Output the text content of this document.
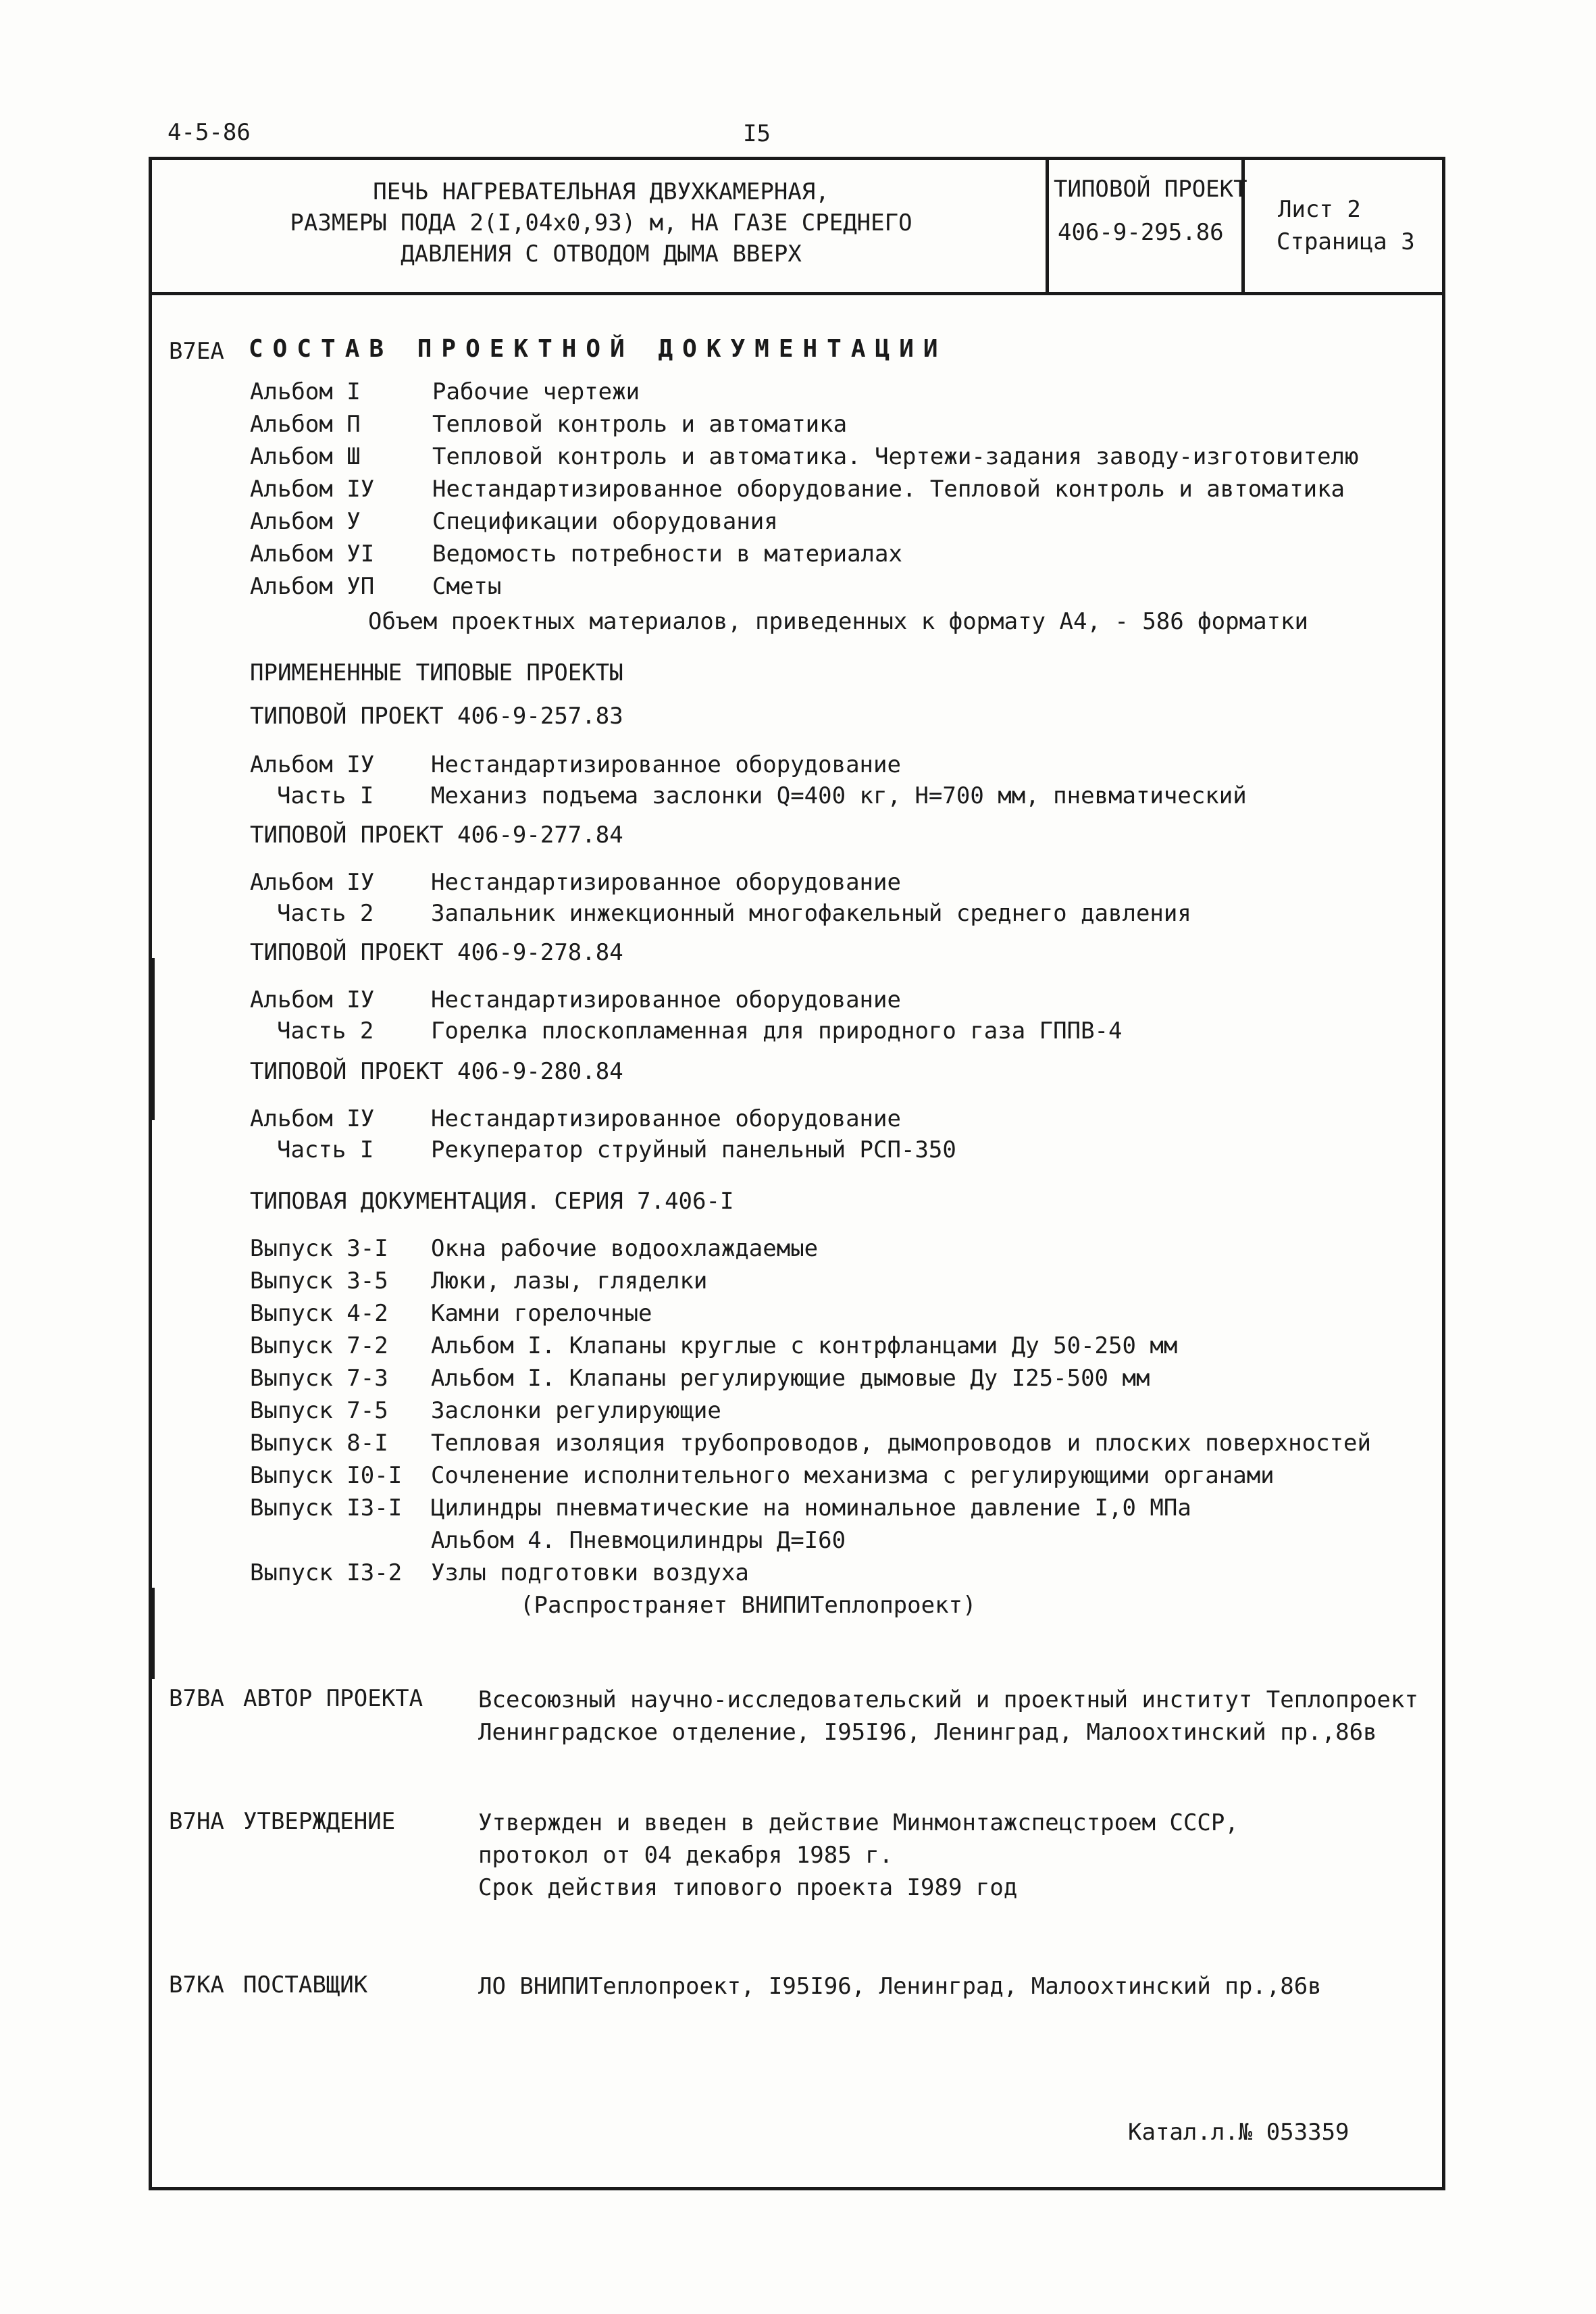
4-5-86	I5
ПЕЧЬ НАГРЕВАТЕЛЬНАЯ ДВУХКАМЕРНАЯ,
РАЗМЕРЫ ПОДА 2(I,04х0,93) м, НА ГАЗЕ СРЕДНЕГО
ДАВЛЕНИЯ С ОТВОДОМ ДЫМА ВВЕРХ
ТИПОВОЙ ПРОЕКТ
406-9-295.86
Лист 2
Страница 3
В7ЕА СОСТАВ ПРОЕКТНОЙ ДОКУМЕНТАЦИИ
Альбом I	Рабочие чертежи
Альбом П	Тепловой контроль и автоматика
Альбом Ш	Тепловой контроль и автоматика. Чертежи-задания заводу-изготовителю
Альбом IУ	Нестандартизированное оборудование. Тепловой контроль и автоматика
Альбом У	Спецификации оборудования
Альбом УI	Ведомость потребности в материалах
Альбом УП	Сметы
Объем проектных материалов, приведенных к формату А4, - 586 форматки
ПРИМЕНЕННЫЕ ТИПОВЫЕ ПРОЕКТЫ
ТИПОВОЙ ПРОЕКТ 406-9-257.83
Альбом IУ Нестандартизированное оборудование
Часть I Механиз подъема заслонки Q=400 кг, Н=700 мм, пневматический
ТИПОВОЙ ПРОЕКТ 406-9-277.84
Альбом IУ Нестандартизированное оборудование
Часть 2 Запальник инжекционный многофакельный среднего давления
ТИПОВОЙ ПРОЕКТ 406-9-278.84
Альбом IУ Нестандартизированное оборудование
Часть 2 Горелка плоскопламенная для природного газа ГППВ-4
ТИПОВОЙ ПРОЕКТ 406-9-280.84
Альбом IУ Нестандартизированное оборудование
Часть I Рекуператор струйный панельный РСП-350
ТИПОВАЯ ДОКУМЕНТАЦИЯ. СЕРИЯ 7.406-I
Выпуск 3-I Окна рабочие водоохлаждаемые
Выпуск 3-5 Люки, лазы, гляделки
Выпуск 4-2 Камни горелочные
Выпуск 7-2 Альбом I. Клапаны круглые с контрфланцами Ду 50-250 мм
Выпуск 7-3 Альбом I. Клапаны регулирующие дымовые Ду I25-500 мм
Выпуск 7-5 Заслонки регулирующие
Выпуск 8-I Тепловая изоляция трубопроводов, дымопроводов и плоских поверхностей
Выпуск I0-I Сочленение исполнительного механизма с регулирующими органами
Выпуск I3-I Цилиндры пневматические на номинальное давление I,0 МПа
Альбом 4. Пневмоцилиндры Д=I60
Выпуск I3-2 Узлы подготовки воздуха
(Распространяет ВНИПИТеплопроект)
В7ВА АВТОР ПРОЕКТА Всесоюзный научно-исследовательский и проектный институт Теплопроект
Ленинградское отделение, I95I96, Ленинград, Малоохтинский пр.,86в
В7НА УТВЕРЖДЕНИЕ	Утвержден и введен в действие Минмонтажспецстроем СССР,
протокол от 04 декабря 1985 г.
Срок действия типового проекта I989 год
В7КА ПОСТАВЩИК	ЛО ВНИПИТеплопроект, I95I96, Ленинград, Малоохтинский пр.,86в
Катал.л.№ 053359
